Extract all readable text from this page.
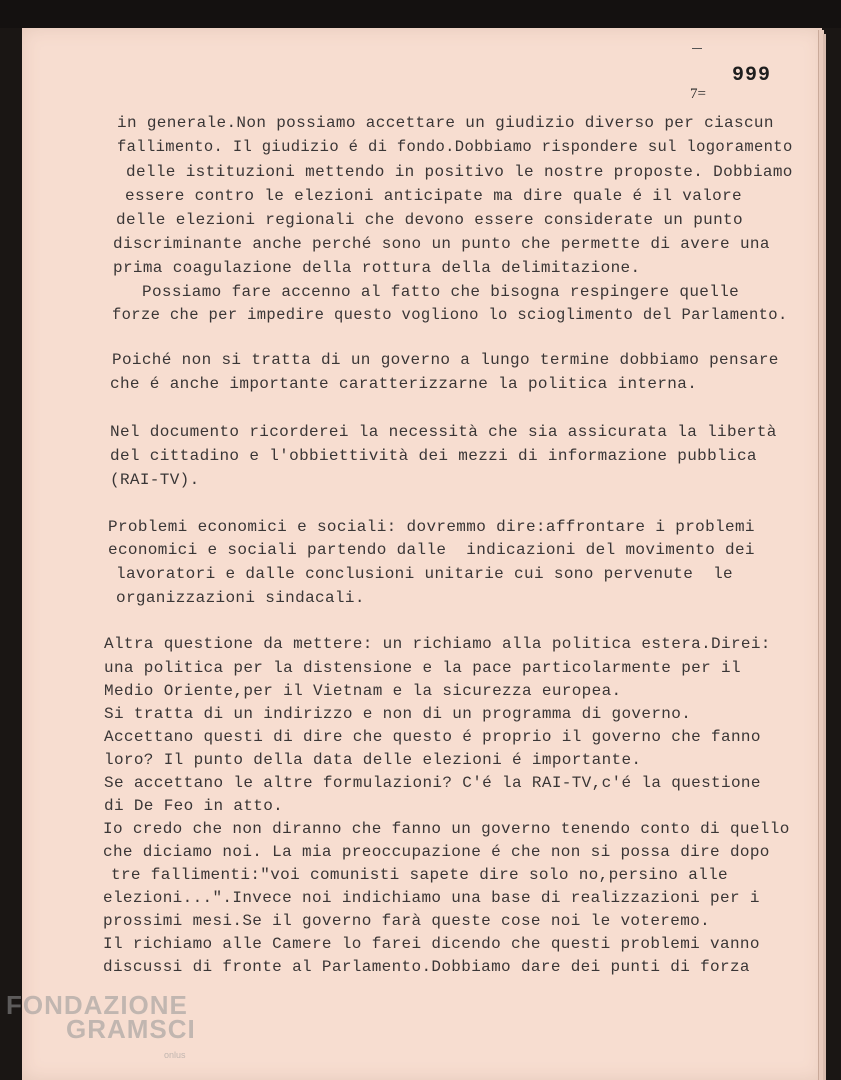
999
7=
in generale.Non possiamo accettare un giudizio diverso per ciascun
fallimento. Il giudizio é di fondo.Dobbiamo rispondere sul logoramento
delle istituzioni mettendo in positivo le nostre proposte. Dobbiamo
essere contro le elezioni anticipate ma dire quale é il valore
delle elezioni regionali che devono essere considerate un punto
discriminante anche perché sono un punto che permette di avere una
prima coagulazione della rottura della delimitazione.
Possiamo fare accenno al fatto che bisogna respingere quelle
forze che per impedire questo vogliono lo scioglimento del Parlamento.
Poiché non si tratta di un governo a lungo termine dobbiamo pensare
che é anche importante caratterizzarne la politica interna.
Nel documento ricorderei la necessità che sia assicurata la libertà
del cittadino e l'obbiettività dei mezzi di informazione pubblica
(RAI-TV).
Problemi economici e sociali: dovremmo dire:affrontare i problemi
economici e sociali partendo dalle  indicazioni del movimento dei
lavoratori e dalle conclusioni unitarie cui sono pervenute  le
organizzazioni sindacali.
Altra questione da mettere: un richiamo alla politica estera.Direi:
una politica per la distensione e la pace particolarmente per il
Medio Oriente,per il Vietnam e la sicurezza europea.
Si tratta di un indirizzo e non di un programma di governo.
Accettano questi di dire che questo é proprio il governo che fanno
loro? Il punto della data delle elezioni é importante.
Se accettano le altre formulazioni? C'é la RAI-TV,c'é la questione
di De Feo in atto.
Io credo che non diranno che fanno un governo tenendo conto di quello
che diciamo noi. La mia preoccupazione é che non si possa dire dopo
tre fallimenti:"voi comunisti sapete dire solo no,persino alle
elezioni...".Invece noi indichiamo una base di realizzazioni per i
prossimi mesi.Se il governo farà queste cose noi le voteremo.
Il richiamo alle Camere lo farei dicendo che questi problemi vanno
discussi di fronte al Parlamento.Dobbiamo dare dei punti di forza
FONDAZIONE
GRAMSCI
onlus
